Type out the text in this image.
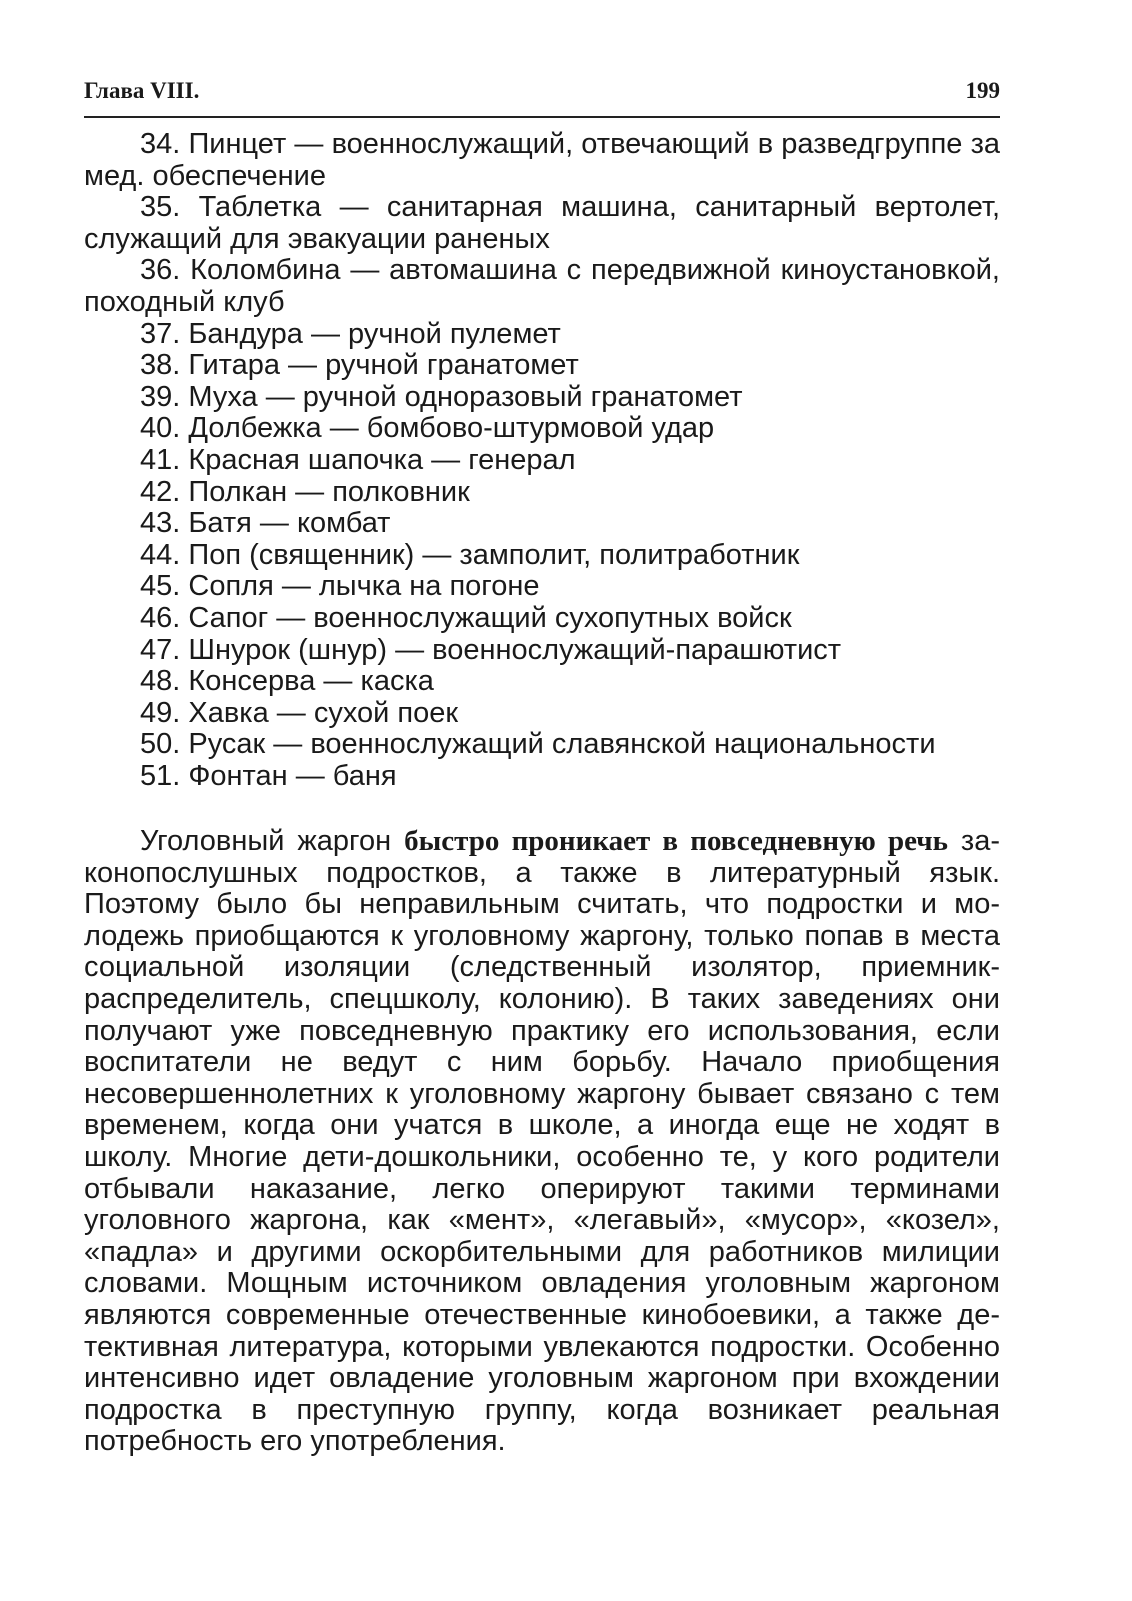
Глава VIII.	199
34. Пинцет — военнослужащий, отвечающий в разведгруппе за мед. обеспечение
35. Таблетка — санитарная машина, санитарный вертолет, служащий для эвакуации раненых
36. Коломбина — автомашина с передвижной киноустановкой, походный клуб
37. Бандура — ручной пулемет
38. Гитара — ручной гранатомет
39. Муха — ручной одноразовый гранатомет
40. Долбежка — бомбово-штурмовой удар
41. Красная шапочка — генерал
42. Полкан — полковник
43. Батя — комбат
44. Поп (священник) — замполит, политработник
45. Сопля — лычка на погоне
46. Сапог — военнослужащий сухопутных войск
47. Шнурок (шнур) — военнослужащий-парашютист
48. Консерва — каска
49. Хавка — сухой поек
50. Русак — военнослужащий славянской национальности
51. Фонтан — баня

Уголовный жаргон быстро проникает в повседневную речь законопослушных подростков, а также в литературный язык. Поэтому было бы неправильным считать, что подростки и молодежь приобщаются к уголовному жаргону, только попав в места социальной изоляции (следственный изолятор, приемник-распределитель, спецшколу, колонию). В таких заведениях они получают уже повседневную практику его использования, если воспитатели не ведут с ним борьбу. Начало приобщения несовершеннолетних к уголовному жаргону бывает связано с тем временем, когда они учатся в школе, а иногда еще не ходят в школу. Многие дети-дошкольники, особенно те, у кого родители отбывали наказание, легко оперируют такими терминами уголовного жаргона, как «мент», «легавый», «мусор», «козел», «падла» и другими оскорбительными для работников милиции словами. Мощным источником овладения уголовным жаргоном являются современные отечественные кинобоевики, а также детективная литература, которыми увлекаются подростки. Особенно интенсивно идет овладение уголовным жаргоном при вхождении подростка в преступную группу, когда возникает реальная потребность его употребления.
